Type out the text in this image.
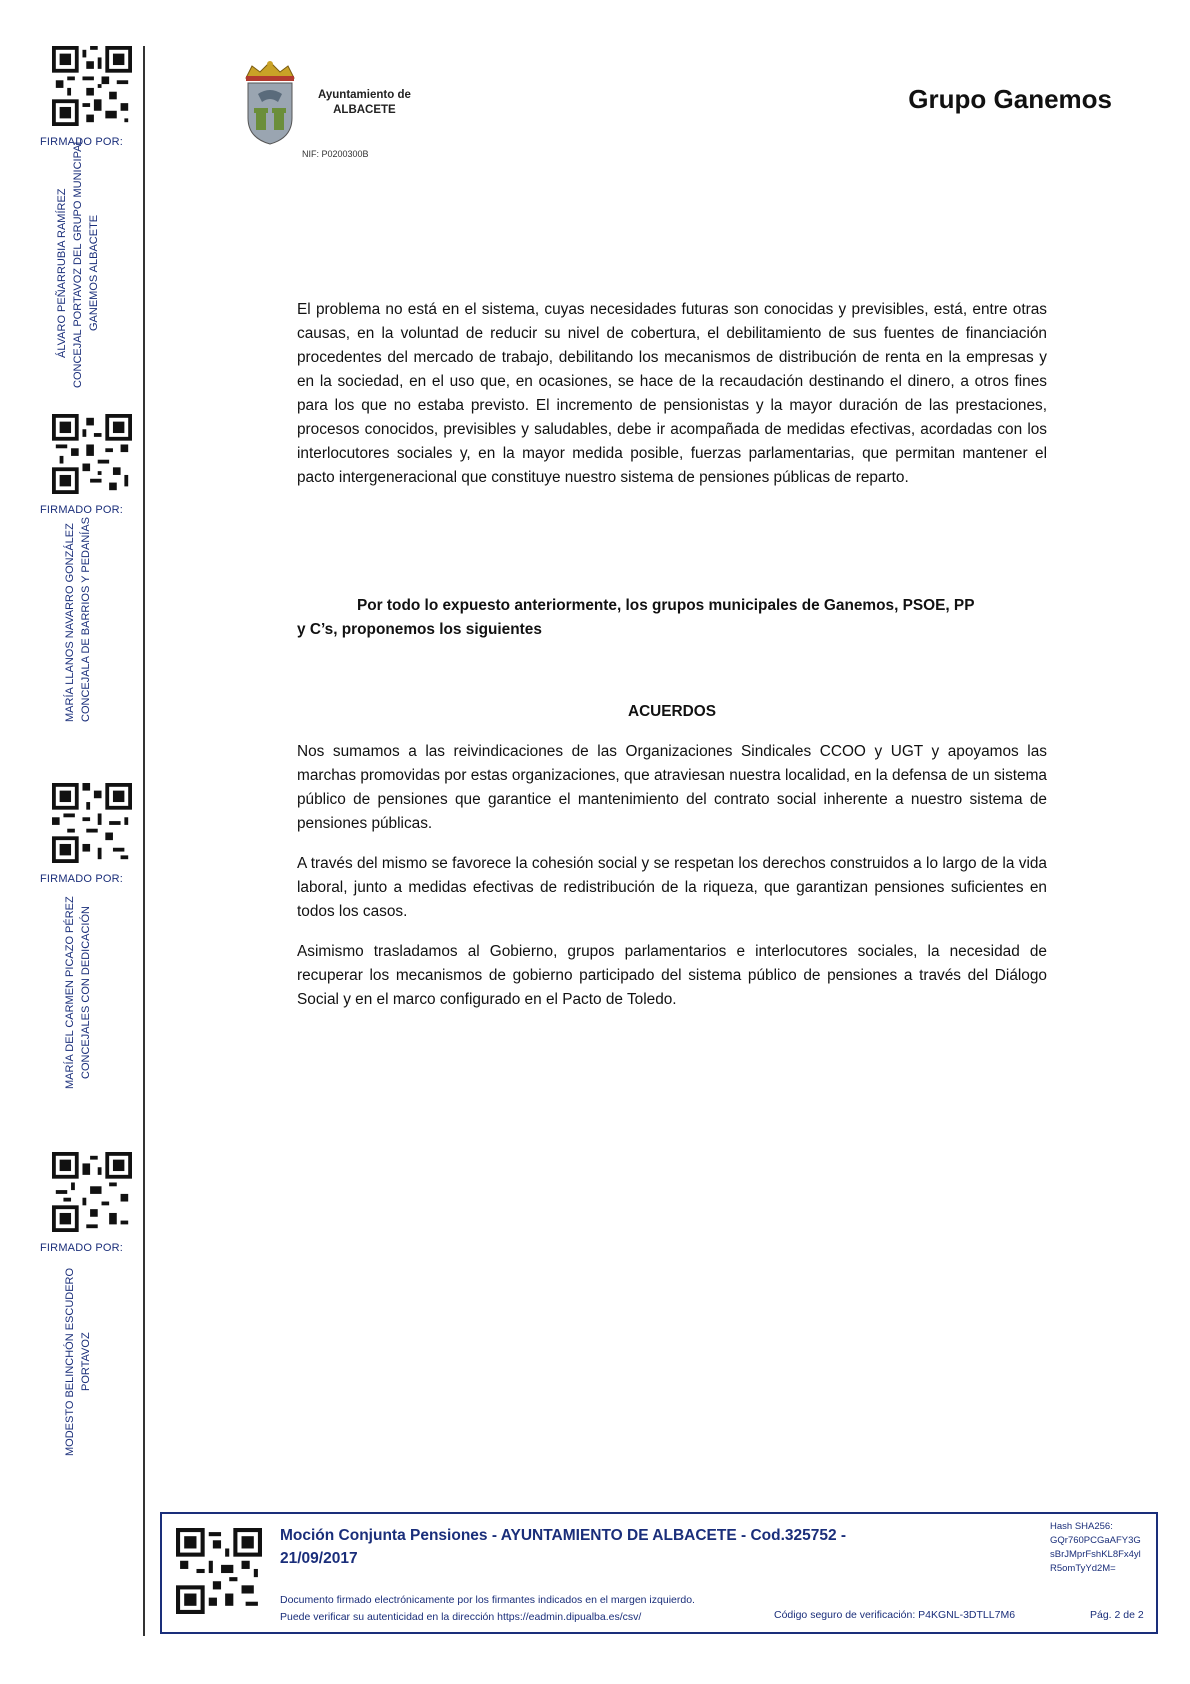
FIRMADO POR:
ÁLVARO PEÑARRUBIA RAMÍREZ CONCEJAL PORTAVOZ DEL GRUPO MUNICIPAL GANEMOS ALBACETE
FIRMADO POR:
MARÍA LLANOS NAVARRO GONZÁLEZ CONCEJALA DE BARRIOS Y PEDANÍAS
FIRMADO POR:
MARÍA DEL CARMEN PICAZO PÉREZ CONCEJALES CON DEDICACIÓN
FIRMADO POR:
MODESTO BELINCHÓN ESCUDERO PORTAVOZ
Ayuntamiento de
ALBACETE
NIF: P0200300B
Grupo Ganemos

El problema no está en el sistema, cuyas necesidades futuras son conocidas y previsibles, está, entre otras causas, en la voluntad de reducir su nivel de cobertura, el debilitamiento de sus fuentes de financiación procedentes del mercado de trabajo, debilitando los mecanismos de distribución de renta en la empresas y en la sociedad, en el uso que, en ocasiones, se hace de la recaudación destinando el dinero, a otros fines para los que no estaba previsto. El incremento de pensionistas y la mayor duración de las prestaciones, procesos conocidos, previsibles y saludables, debe ir acompañada de medidas efectivas, acordadas con los interlocutores sociales y, en la mayor medida posible, fuerzas parlamentarias, que permitan mantener el pacto intergeneracional que constituye nuestro sistema de pensiones públicas de reparto.

Por todo lo expuesto anteriormente, los grupos municipales de Ganemos, PSOE, PP
y C’s, proponemos los siguientes

ACUERDOS

Nos sumamos a las reivindicaciones de las Organizaciones Sindicales CCOO y UGT y apoyamos las marchas promovidas por estas organizaciones, que atraviesan nuestra localidad, en la defensa de un sistema público de pensiones que garantice el mantenimiento del contrato social inherente a nuestro sistema de pensiones públicas.

A través del mismo se favorece la cohesión social y se respetan los derechos construidos a lo largo de la vida laboral, junto a medidas efectivas de redistribución de la riqueza, que garantizan pensiones suficientes en todos los casos.

Asimismo trasladamos al Gobierno, grupos parlamentarios e interlocutores sociales, la necesidad de recuperar los mecanismos de gobierno participado del sistema público de pensiones a través del Diálogo Social y en el marco configurado en el Pacto de Toledo.

Moción Conjunta Pensiones - AYUNTAMIENTO DE ALBACETE - Cod.325752 -
21/09/2017
Hash SHA256:
GQr760PCGaAFY3G
sBrJMprFshKL8Fx4yl
R5omTyYd2M=
Documento firmado electrónicamente por los firmantes indicados en el margen izquierdo.
Puede verificar su autenticidad en la dirección https://eadmin.dipualba.es/csv/	Código seguro de verificación: P4KGNL-3DTLL7M6	Pág. 2 de 2
